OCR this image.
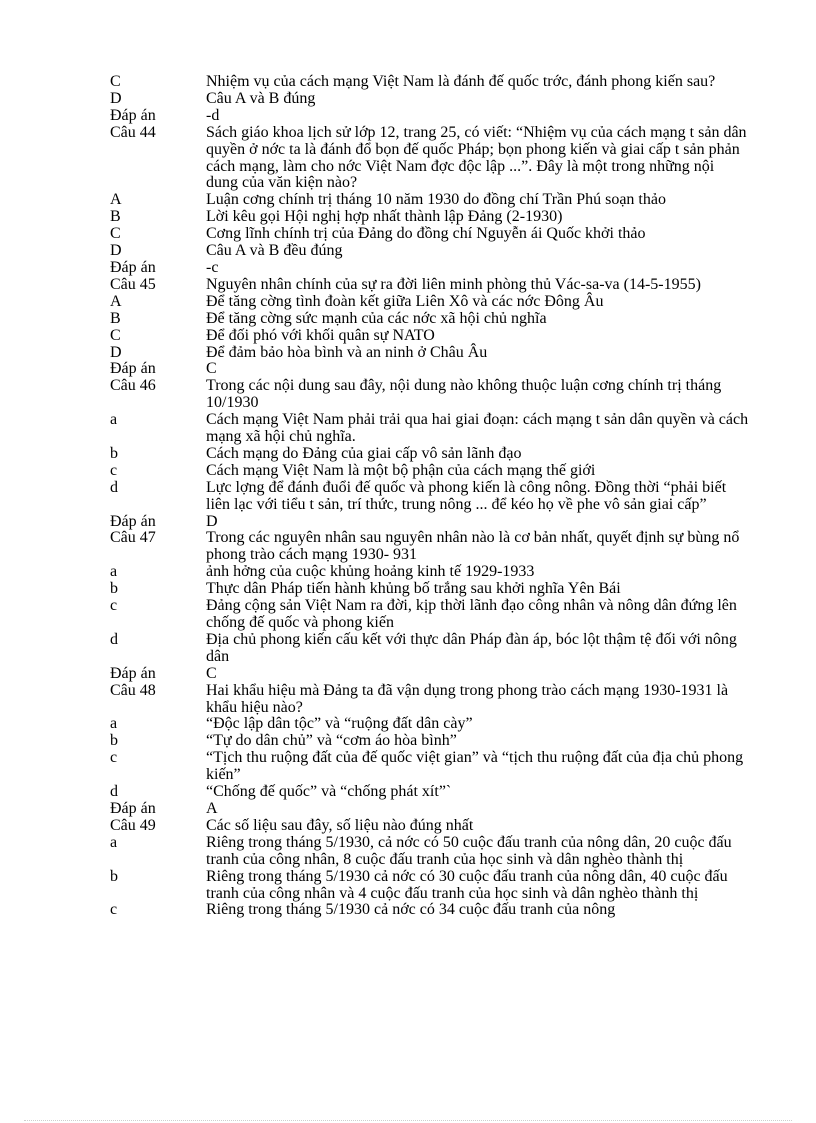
C	Nhiệm vụ của cách mạng Việt Nam là đánh đế quốc trớc, đánh phong kiến sau?
D	Câu A và B đúng
Đáp án	-d
Câu 44	Sách giáo khoa lịch sử lớp 12, trang 25, có viết: “Nhiệm vụ của cách mạng t sản dân quyền ở nớc ta là đánh đổ bọn đế quốc Pháp; bọn phong kiến và giai cấp t sản phản cách mạng, làm cho nớc Việt Nam đợc độc lập ...”. Đây là một trong những nội dung của văn kiện nào?
A	Luận cơng chính trị tháng 10 năm 1930 do đồng chí Trần Phú soạn thảo
B	Lời kêu gọi Hội nghị hợp nhất thành lập Đảng (2-1930)
C	Cơng lĩnh chính trị của Đảng do đồng chí Nguyễn ái Quốc khởi thảo
D	Câu A và B đều đúng
Đáp án	-c
Câu 45	Nguyên nhân chính của sự ra đời liên minh phòng thủ Vác-sa-va (14-5-1955)
A	Để tăng cờng tình đoàn kết giữa Liên Xô và các nớc Đông Âu
B	Để tăng cờng sức mạnh của các nớc xã hội chủ nghĩa
C	Để đối phó với khối quân sự NATO
D	Để đảm bảo hòa bình và an ninh ở Châu Âu
Đáp án	C
Câu 46	Trong các nội dung sau đây, nội dung nào không thuộc luận cơng chính trị tháng 10/1930
a	Cách mạng Việt Nam phải trải qua hai giai đoạn: cách mạng t sản dân quyền và cách mạng xã hội chủ nghĩa.
b	Cách mạng do Đảng của giai cấp vô sản lãnh đạo
c	Cách mạng Việt Nam là một bộ phận của cách mạng thế giới
d	Lực lợng để đánh đuổi đế quốc và phong kiến là công nông. Đồng thời “phải biết liên lạc với tiểu t sản, trí thức, trung nông ... để kéo họ về phe vô sản giai cấp”
Đáp án	D
Câu 47	Trong các nguyên nhân sau nguyên nhân nào là cơ bản nhất, quyết định sự bùng nổ phong trào cách mạng 1930- 931
a	ảnh hởng của cuộc khủng hoảng kinh tế 1929-1933
b	Thực dân Pháp tiến hành khủng bố trắng sau khởi nghĩa Yên Bái
c	Đảng cộng sản Việt Nam ra đời, kịp thời lãnh đạo công nhân và nông dân đứng lên chống đế quốc và phong kiến
d	Địa chủ phong kiến cấu kết với thực dân Pháp đàn áp, bóc lột thậm tệ đối với nông dân
Đáp án	C
Câu 48	Hai khẩu hiệu mà Đảng ta đã vận dụng trong phong trào cách mạng 1930-1931 là khẩu hiệu nào?
a	“Độc lập dân tộc” và “ruộng đất dân cày”
b	“Tự do dân chủ” và “cơm áo hòa bình”
c	“Tịch thu ruộng đất của đế quốc việt gian” và “tịch thu ruộng đất của địa chủ phong kiến”
d	“Chống đế quốc” và “chống phát xít”`
Đáp án	A
Câu 49	Các số liệu sau đây, số liệu nào đúng nhất
a	Riêng trong tháng 5/1930, cả nớc có 50 cuộc đấu tranh của nông dân, 20 cuộc đấu tranh của công nhân, 8 cuộc đấu tranh của học sinh và dân nghèo thành thị
b	Riêng trong tháng 5/1930 cả nớc có 30 cuộc đấu tranh của nông dân, 40 cuộc đấu tranh của công nhân và 4 cuộc đấu tranh của học sinh và dân nghèo thành thị
c	Riêng trong tháng 5/1930 cả nớc có 34 cuộc đấu tranh của nông
